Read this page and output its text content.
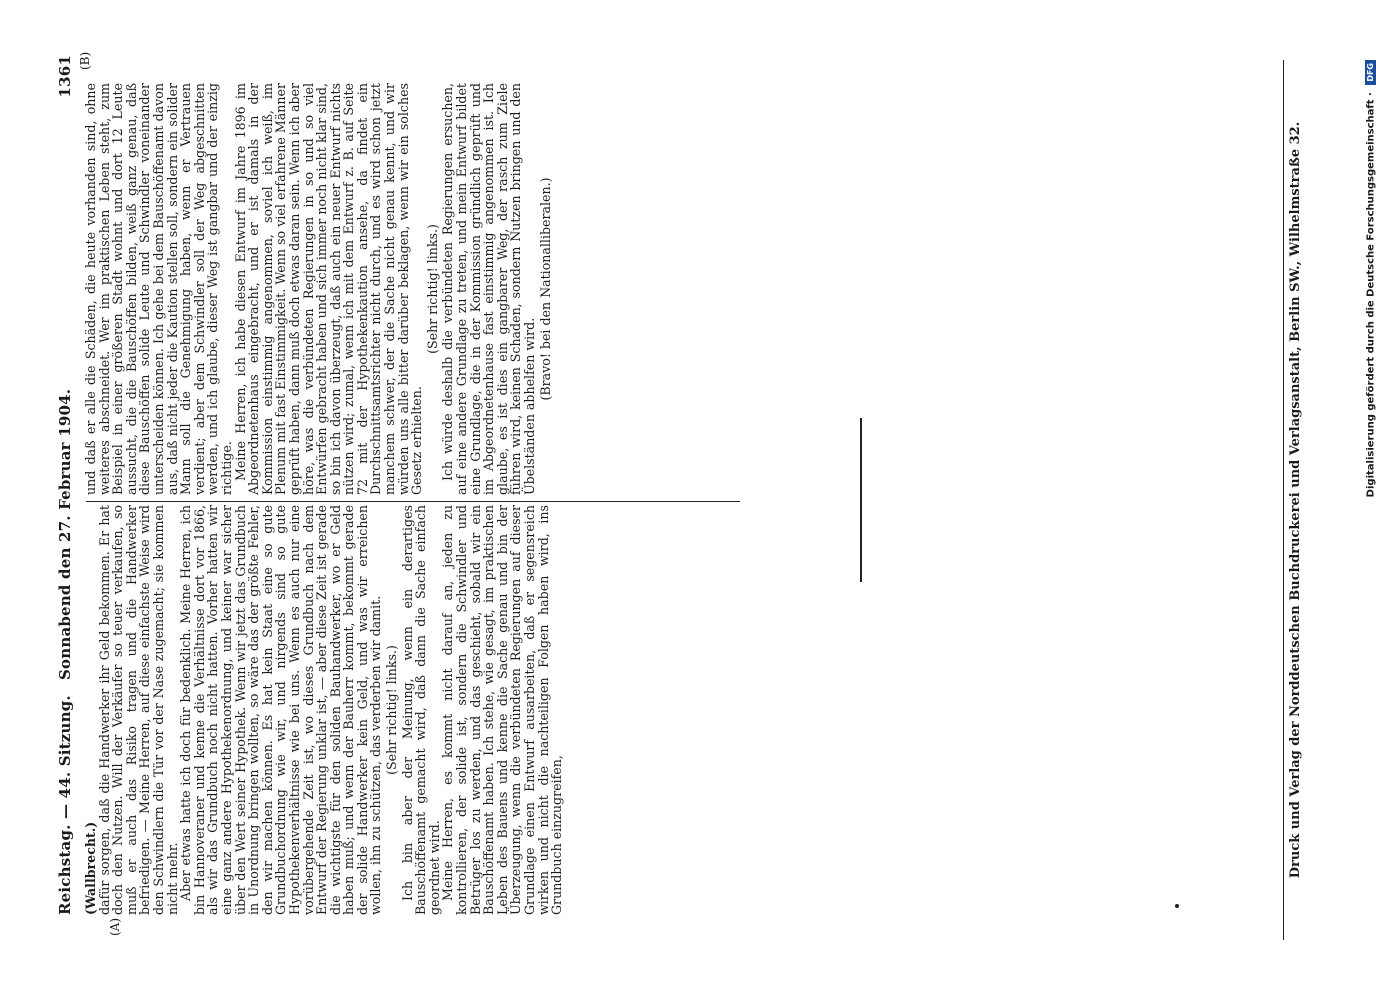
Reichstag. — 44. Sitzung.
Sonnabend den 27. Februar 1904.
1361
(A)
(B)

(Wallbrecht.)

dafür sorgen, daß die Handwerker ihr Geld bekommen. Er hat doch den Nutzen. Will der Verkäufer so teuer verkaufen, so muß er auch das Risiko tragen und die Handwerker befriedigen. — Meine Herren, auf diese einfachste Weise wird den Schwindlern die Tür vor der Nase zugemacht; sie kommen nicht mehr.

Aber etwas hatte ich doch für bedenklich. Meine Herren, ich bin Hannoveraner und kenne die Verhältnisse dort vor 1866, als wir das Grundbuch noch nicht hatten. Vorher hatten wir eine ganz andere Hypothekenordnung, und keiner war sicher über den Wert seiner Hypothek. Wenn wir jetzt das Grundbuch in Unordnung bringen wollten, so wäre das der größte Fehler, den wir machen können. Es hat kein Staat eine so gute Grundbuchordnung wie wir, und nirgends sind so gute Hypothekenverhältnisse wie bei uns. Wenn es auch nur eine vorübergehende Zeit ist, wo dieses Grundbuch nach dem Entwurf der Regierung unklar ist, — aber diese Zeit ist gerade die wichtigste für den soliden Bauhandwerker, wo er Geld haben muß; und wenn der Bauherr kommt, bekommt gerade der solide Handwerker kein Geld, und was wir erreichen wollen, ihn zu schützen, das verderben wir damit. (Sehr richtig! links.) Ich bin aber der Meinung, wenn ein derartiges Bauschöffenamt gemacht wird, daß dann die Sache einfach geordnet wird.

Meine Herren, es kommt nicht darauf an, jeden zu kontrollieren, der solide ist, sondern die Schwindler und Betrüger los zu werden, und das geschieht, sobald wir ein Bauschöffenamt haben. Ich stehe, wie gesagt, im praktischen Leben des Bauens und kenne die Sache genau und bin der Überzeugung, wenn die verbündeten Regierungen auf dieser Grundlage einen Entwurf ausarbeiten, daß er segensreich wirken und nicht die nachteiligen Folgen haben wird, ins Grundbuch einzugreifen,

und daß er alle die Schäden, die heute vorhanden sind, ohne weiteres abschneidet. Wer im praktischen Leben steht, zum Beispiel in einer größeren Stadt wohnt und dort 12 Leute aussucht, die die Bauschöffen bilden, weiß ganz genau, daß diese Bauschöffen solide Leute und Schwindler voneinander unterscheiden können. Ich gehe bei dem Bauschöffenamt davon aus, daß nicht jeder die Kaution stellen soll, sondern ein solider Mann soll die Genehmigung haben, wenn er Vertrauen verdient; aber dem Schwindler soll der Weg abgeschnitten werden, und ich glaube, dieser Weg ist gangbar und der einzig richtige.

Meine Herren, ich habe diesen Entwurf im Jahre 1896 im Abgeordnetenhaus eingebracht, und er ist damals in der Kommission einstimmig angenommen, soviel ich weiß, im Plenum mit fast Einstimmigkeit. Wenn so viel erfahrene Männer geprüft haben, dann muß doch etwas daran sein. Wenn ich aber höre, was die verbündeten Regierungen in so und so viel Entwürfen gebracht haben und sich immer noch nicht klar sind, so bin ich davon überzeugt, daß auch ein neuer Entwurf nichts nützen wird; zumal, wenn ich mit dem Entwurf z. B. auf Seite 72 mit der Hypothekenkaution ansehe, da findet ein Durchschnittsamtsrichter nicht durch, und es wird schon jetzt manchem schwer, der die Sache nicht genau kennt, und wir würden uns alle bitter darüber beklagen, wenn wir ein solches Gesetz erhielten.

(Sehr richtig! links.) Ich würde deshalb die verbündeten Regierungen ersuchen, auf eine andere Grundlage zu treten, und mein Entwurf bildet eine Grundlage, die in der Kommission gründlich geprüft und im Abgeordnetenhause fast einstimmig angenommen ist. Ich glaube, es ist dies ein gangbarer Weg, der rasch zum Ziele führen wird, keinen Schaden, sondern Nutzen bringen und den Übelständen abhelfen wird.

(Bravo! bei den Nationalliberalen.)	Druck und Verlag der Norddeutschen Buchdruckerei und Verlagsanstalt, Berlin SW., Wilhelmstraße 32.	Digitalisierung gefördert durch die Deutsche Forschungsgemeinschaft · DFG
